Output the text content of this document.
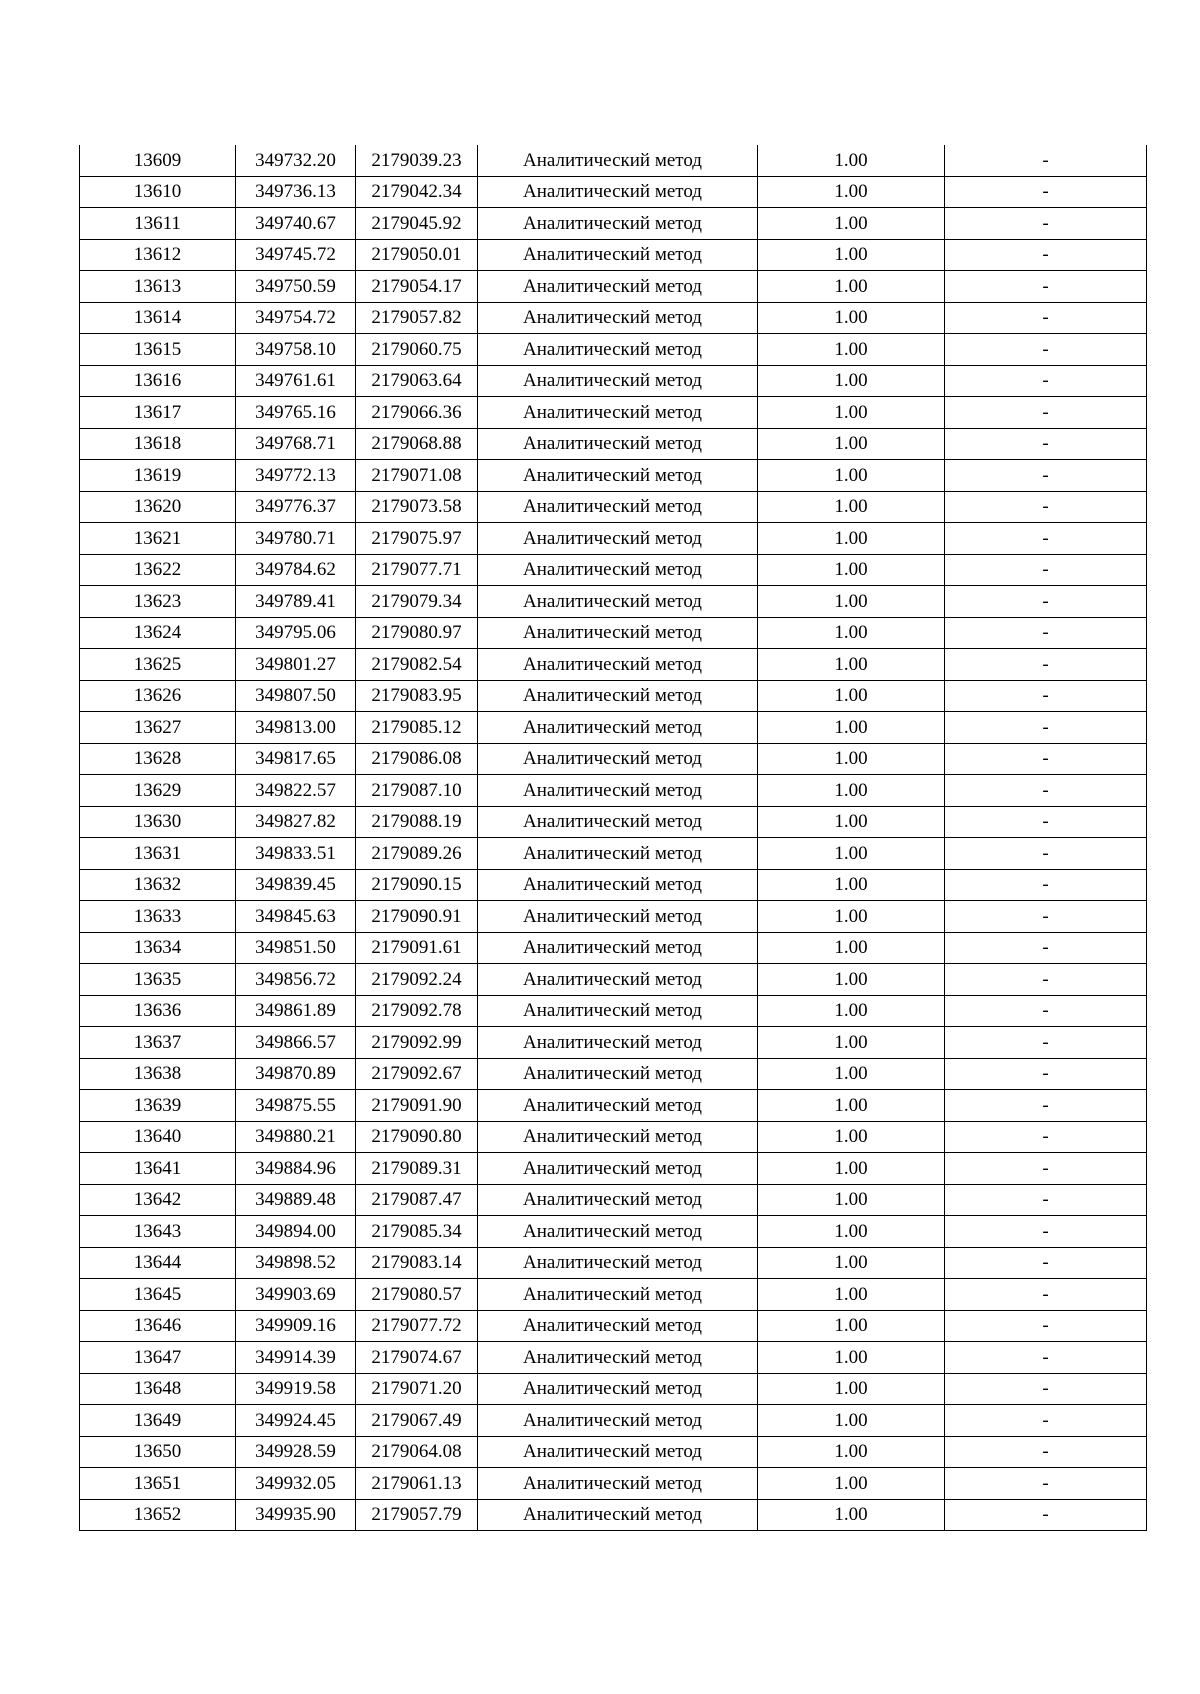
13609	349732.20	2179039.23	Аналитический метод	1.00	-
13610	349736.13	2179042.34	Аналитический метод	1.00	-
13611	349740.67	2179045.92	Аналитический метод	1.00	-
13612	349745.72	2179050.01	Аналитический метод	1.00	-
13613	349750.59	2179054.17	Аналитический метод	1.00	-
13614	349754.72	2179057.82	Аналитический метод	1.00	-
13615	349758.10	2179060.75	Аналитический метод	1.00	-
13616	349761.61	2179063.64	Аналитический метод	1.00	-
13617	349765.16	2179066.36	Аналитический метод	1.00	-
13618	349768.71	2179068.88	Аналитический метод	1.00	-
13619	349772.13	2179071.08	Аналитический метод	1.00	-
13620	349776.37	2179073.58	Аналитический метод	1.00	-
13621	349780.71	2179075.97	Аналитический метод	1.00	-
13622	349784.62	2179077.71	Аналитический метод	1.00	-
13623	349789.41	2179079.34	Аналитический метод	1.00	-
13624	349795.06	2179080.97	Аналитический метод	1.00	-
13625	349801.27	2179082.54	Аналитический метод	1.00	-
13626	349807.50	2179083.95	Аналитический метод	1.00	-
13627	349813.00	2179085.12	Аналитический метод	1.00	-
13628	349817.65	2179086.08	Аналитический метод	1.00	-
13629	349822.57	2179087.10	Аналитический метод	1.00	-
13630	349827.82	2179088.19	Аналитический метод	1.00	-
13631	349833.51	2179089.26	Аналитический метод	1.00	-
13632	349839.45	2179090.15	Аналитический метод	1.00	-
13633	349845.63	2179090.91	Аналитический метод	1.00	-
13634	349851.50	2179091.61	Аналитический метод	1.00	-
13635	349856.72	2179092.24	Аналитический метод	1.00	-
13636	349861.89	2179092.78	Аналитический метод	1.00	-
13637	349866.57	2179092.99	Аналитический метод	1.00	-
13638	349870.89	2179092.67	Аналитический метод	1.00	-
13639	349875.55	2179091.90	Аналитический метод	1.00	-
13640	349880.21	2179090.80	Аналитический метод	1.00	-
13641	349884.96	2179089.31	Аналитический метод	1.00	-
13642	349889.48	2179087.47	Аналитический метод	1.00	-
13643	349894.00	2179085.34	Аналитический метод	1.00	-
13644	349898.52	2179083.14	Аналитический метод	1.00	-
13645	349903.69	2179080.57	Аналитический метод	1.00	-
13646	349909.16	2179077.72	Аналитический метод	1.00	-
13647	349914.39	2179074.67	Аналитический метод	1.00	-
13648	349919.58	2179071.20	Аналитический метод	1.00	-
13649	349924.45	2179067.49	Аналитический метод	1.00	-
13650	349928.59	2179064.08	Аналитический метод	1.00	-
13651	349932.05	2179061.13	Аналитический метод	1.00	-
13652	349935.90	2179057.79	Аналитический метод	1.00	-
